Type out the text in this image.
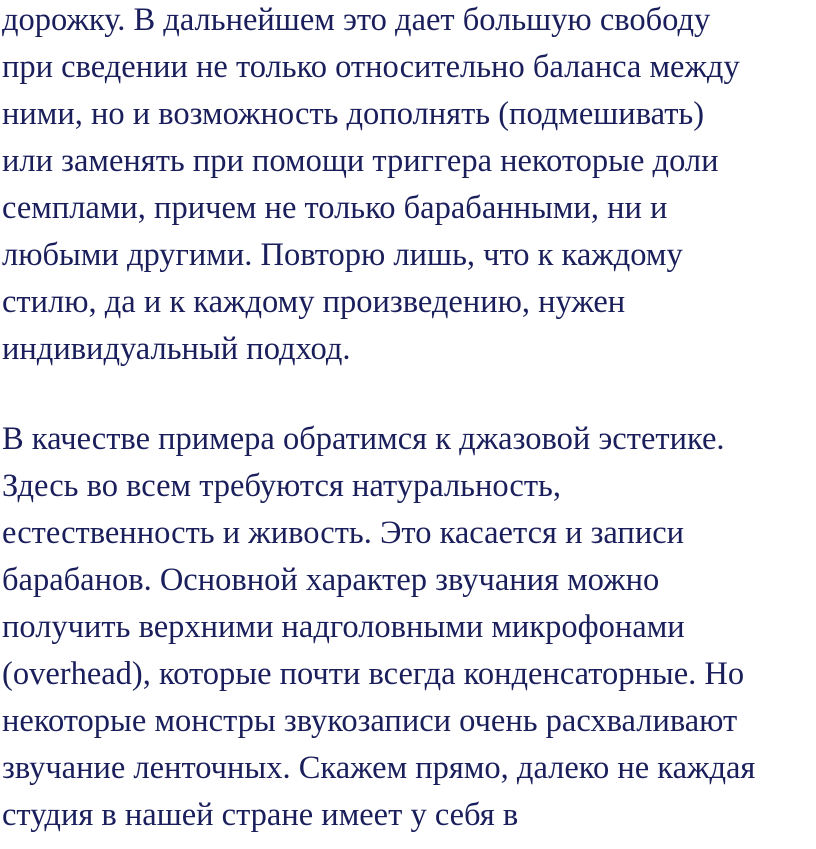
дорожку. В дальнейшем это дает большую свободу
при сведении не только относительно баланса между
ними, но и возможность дополнять (подмешивать)
или заменять при помощи триггера некоторые доли
семплами, причем не только барабанными, ни и
любыми другими. Повторю лишь, что к каждому
стилю, да и к каждому произведению, нужен
индивидуальный подход.
В качестве примера обратимся к джазовой эстетике.
Здесь во всем требуются натуральность,
естественность и живость. Это касается и записи
барабанов. Основной характер звучания можно
получить верхними надголовными микрофонами
(overhead), которые почти всегда конденсаторные. Но
некоторые монстры звукозаписи очень расхваливают
звучание ленточных. Скажем прямо, далеко не каждая
студия в нашей стране имеет у себя в
